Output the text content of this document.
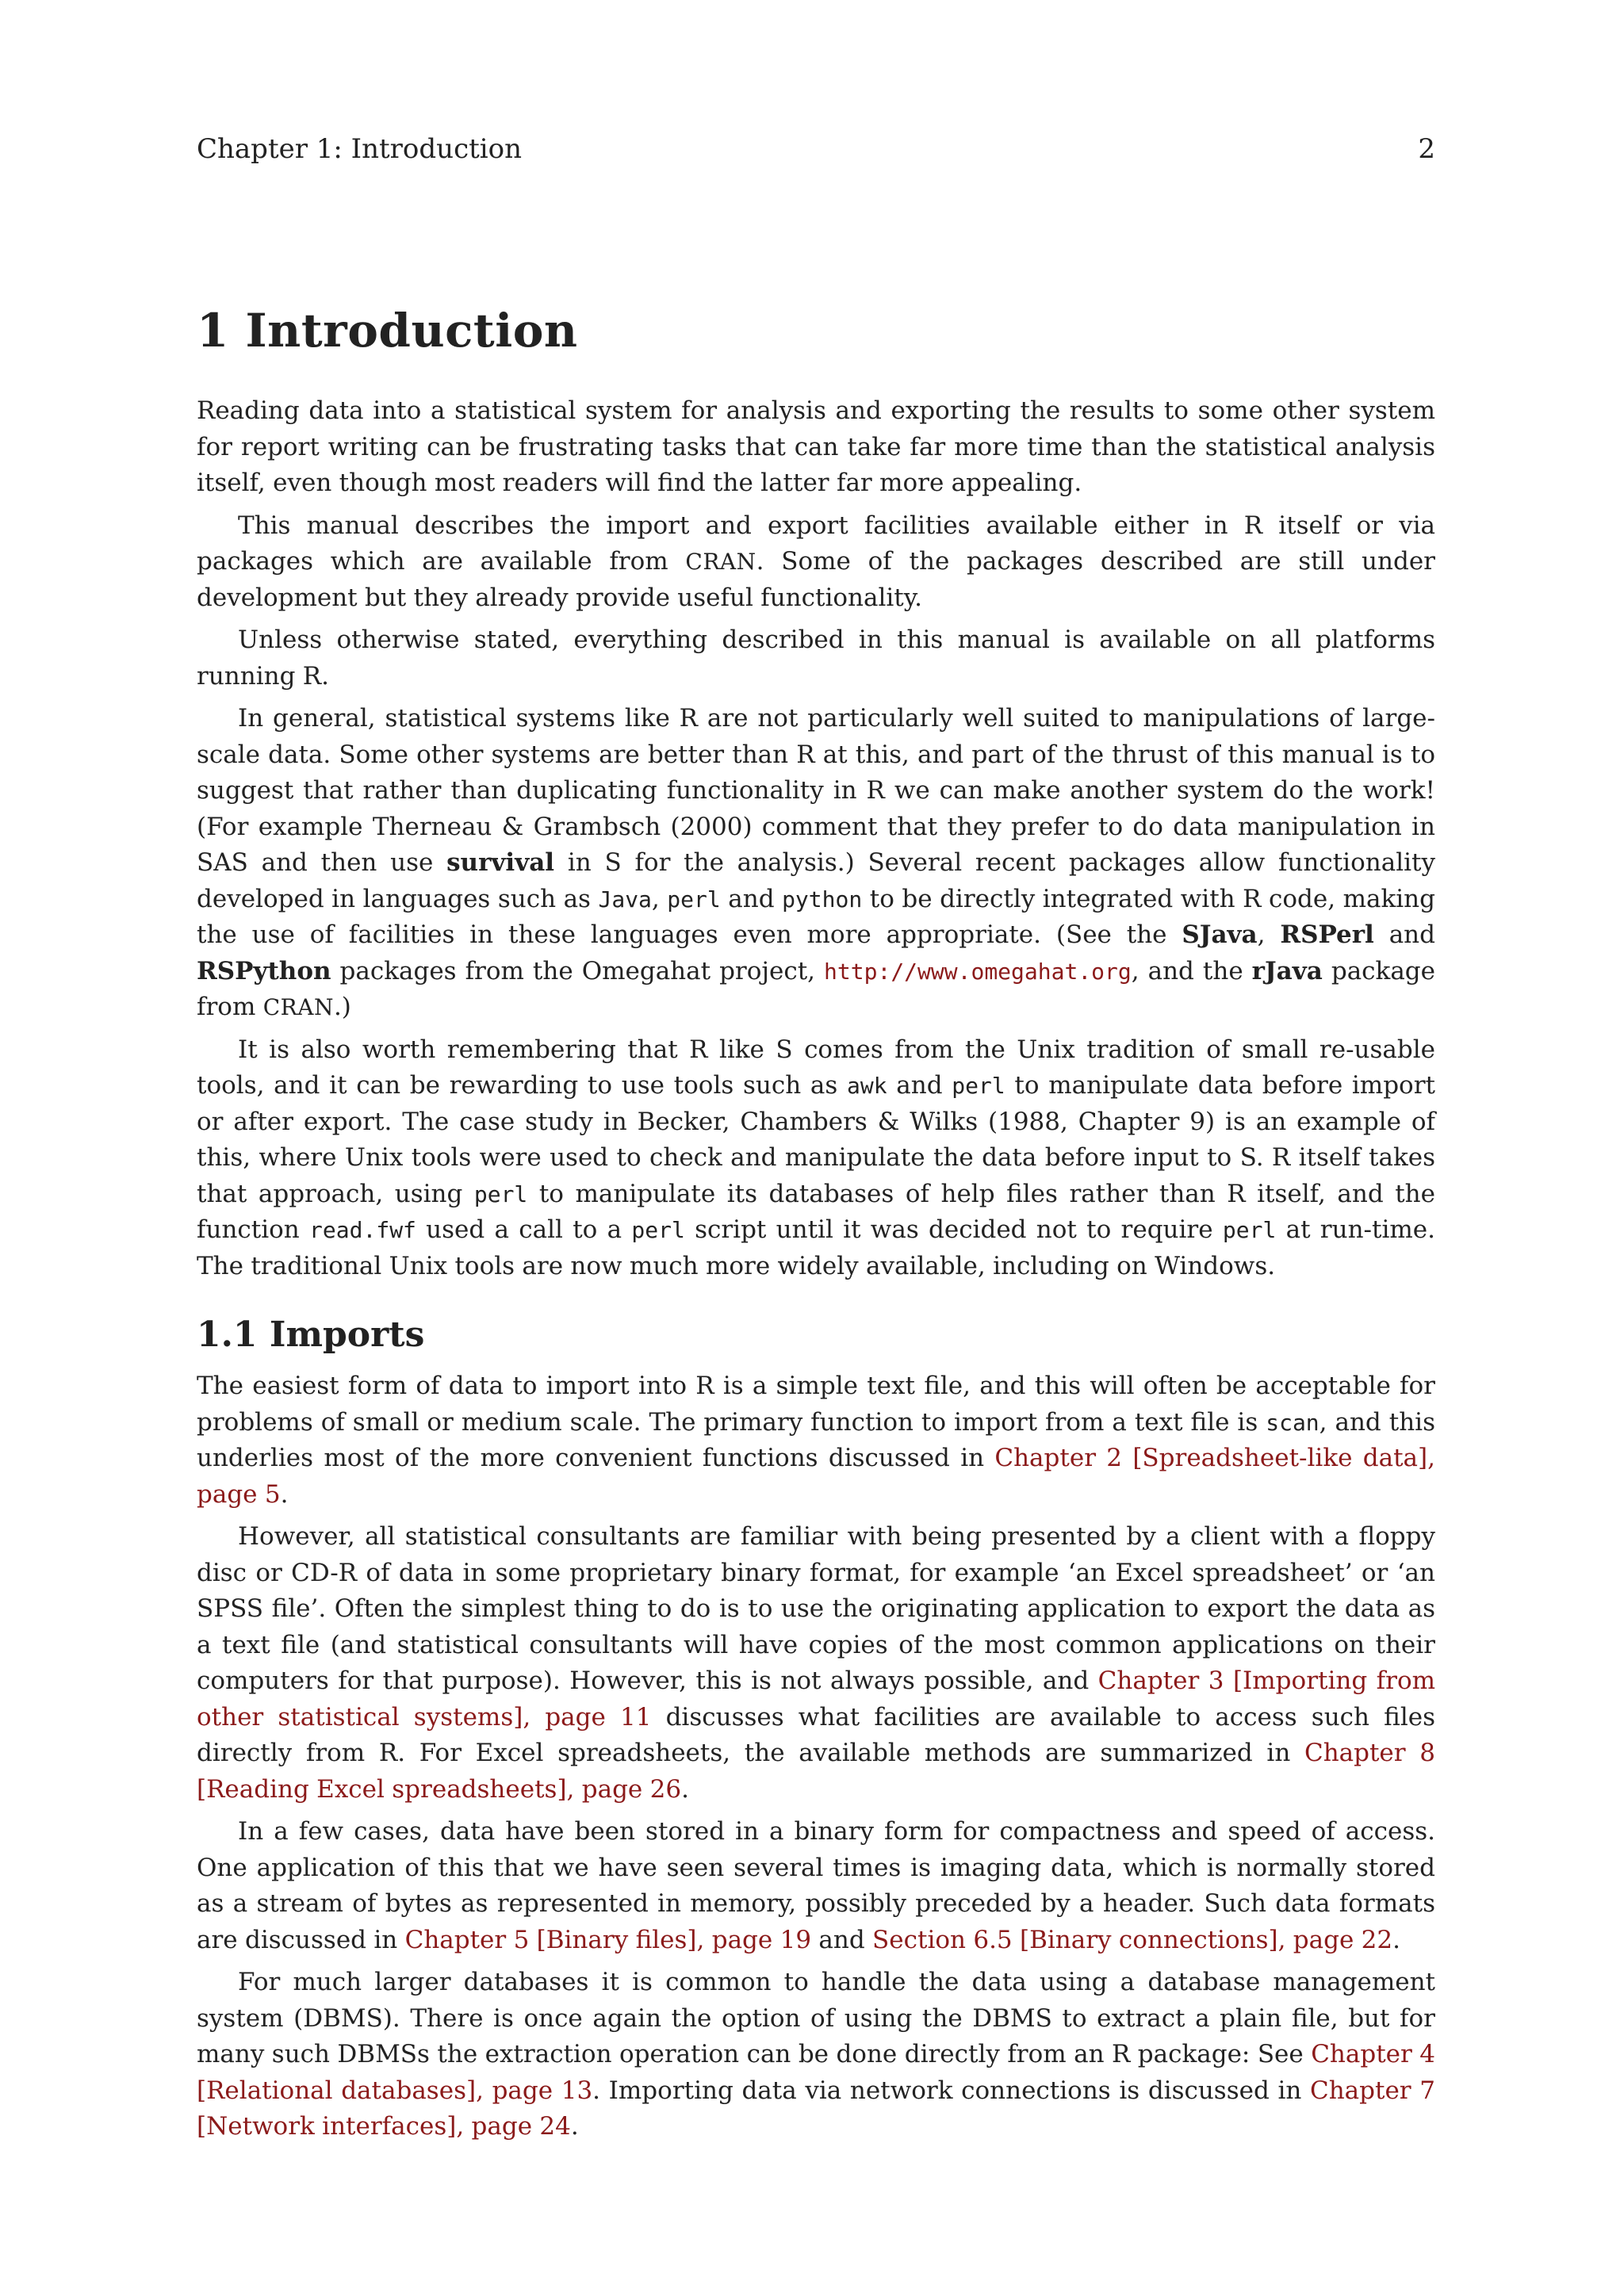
Chapter 1: Introduction	2
1 Introduction

Reading data into a statistical system for analysis and exporting the results to some other system for report writing can be frustrating tasks that can take far more time than the statistical analysis itself, even though most readers will find the latter far more appealing.

This manual describes the import and export facilities available either in R itself or via packages which are available from CRAN. Some of the packages described are still under development but they already provide useful functionality.

Unless otherwise stated, everything described in this manual is available on all platforms running R.

In general, statistical systems like R are not particularly well suited to manipulations of large-scale data. Some other systems are better than R at this, and part of the thrust of this manual is to suggest that rather than duplicating functionality in R we can make another system do the work! (For example Therneau & Grambsch (2000) comment that they prefer to do data manipulation in SAS and then use survival in S for the analysis.) Several recent packages allow functionality developed in languages such as Java, perl and python to be directly integrated with R code, making the use of facilities in these languages even more appropriate. (See the SJava, RSPerl and RSPython packages from the Omegahat project, http://www.omegahat.org, and the rJava package from CRAN.)

It is also worth remembering that R like S comes from the Unix tradition of small re-usable tools, and it can be rewarding to use tools such as awk and perl to manipulate data before import or after export. The case study in Becker, Chambers & Wilks (1988, Chapter 9) is an example of this, where Unix tools were used to check and manipulate the data before input to S. R itself takes that approach, using perl to manipulate its databases of help files rather than R itself, and the function read.fwf used a call to a perl script until it was decided not to require perl at run-time. The traditional Unix tools are now much more widely available, including on Windows.

1.1 Imports

The easiest form of data to import into R is a simple text file, and this will often be acceptable for problems of small or medium scale. The primary function to import from a text file is scan, and this underlies most of the more convenient functions discussed in Chapter 2 [Spreadsheet-like data], page 5.

However, all statistical consultants are familiar with being presented by a client with a floppy disc or CD-R of data in some proprietary binary format, for example ‘an Excel spreadsheet’ or ‘an SPSS file’. Often the simplest thing to do is to use the originating application to export the data as a text file (and statistical consultants will have copies of the most common applications on their computers for that purpose). However, this is not always possible, and Chapter 3 [Importing from other statistical systems], page 11 discusses what facilities are available to access such files directly from R. For Excel spreadsheets, the available methods are summarized in Chapter 8 [Reading Excel spreadsheets], page 26.

In a few cases, data have been stored in a binary form for compactness and speed of access. One application of this that we have seen several times is imaging data, which is normally stored as a stream of bytes as represented in memory, possibly preceded by a header. Such data formats are discussed in Chapter 5 [Binary files], page 19 and Section 6.5 [Binary connections], page 22.

For much larger databases it is common to handle the data using a database management system (DBMS). There is once again the option of using the DBMS to extract a plain file, but for many such DBMSs the extraction operation can be done directly from an R package: See Chapter 4 [Relational databases], page 13. Importing data via network connections is discussed in Chapter 7 [Network interfaces], page 24.
